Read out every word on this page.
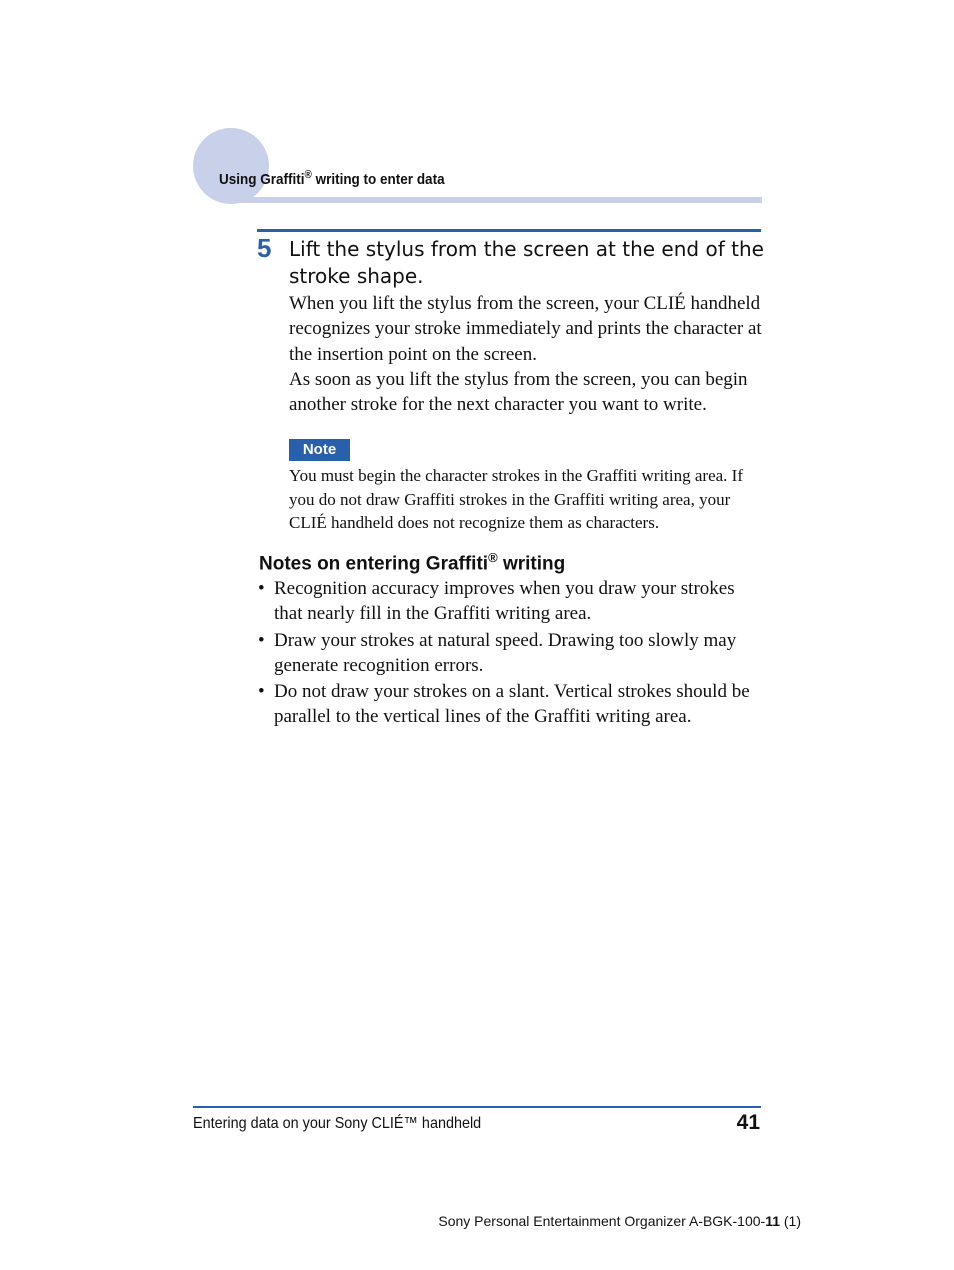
Using Graffiti® writing to enter data
5 Lift the stylus from the screen at the end of the stroke shape.

When you lift the stylus from the screen, your CLIÉ handheld recognizes your stroke immediately and prints the character at the insertion point on the screen.

As soon as you lift the stylus from the screen, you can begin another stroke for the next character you want to write.

Note

You must begin the character strokes in the Graffiti writing area. If you do not draw Graffiti strokes in the Graffiti writing area, your CLIÉ handheld does not recognize them as characters.

Notes on entering Graffiti® writing
• Recognition accuracy improves when you draw your strokes that nearly fill in the Graffiti writing area.
• Draw your strokes at natural speed. Drawing too slowly may generate recognition errors.
• Do not draw your strokes on a slant. Vertical strokes should be parallel to the vertical lines of the Graffiti writing area.
Entering data on your Sony CLIÉ™ handheld	41
Sony Personal Entertainment Organizer A-BGK-100-11 (1)
